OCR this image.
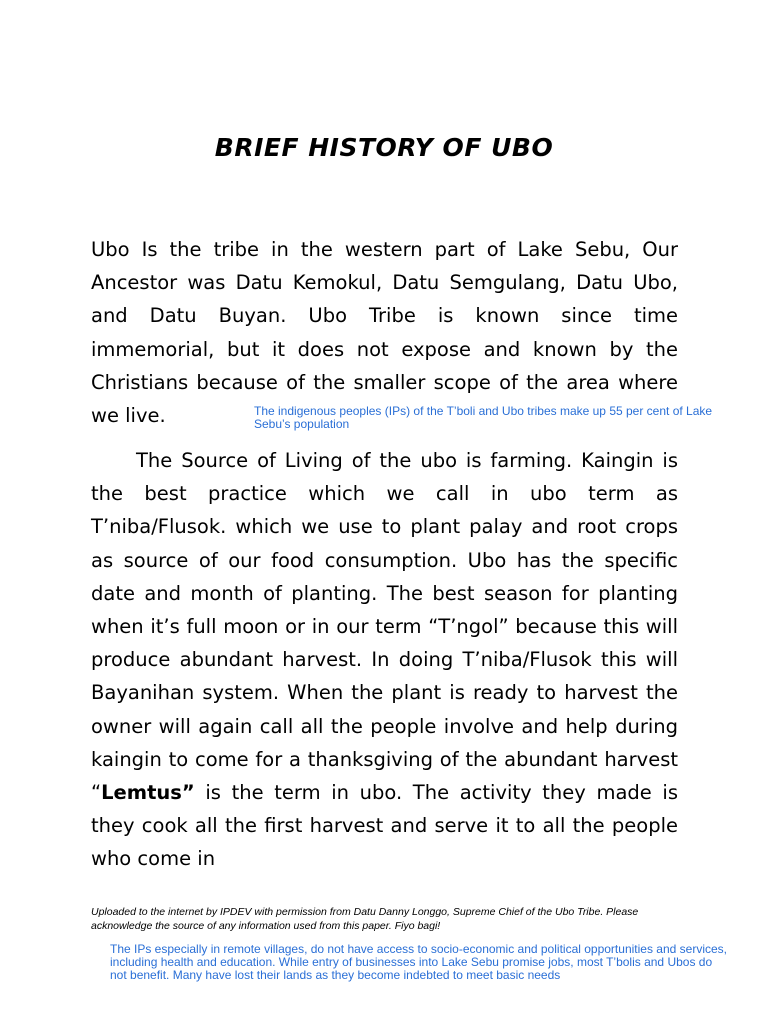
BRIEF HISTORY OF UBO

Ubo Is the tribe in the western part of Lake Sebu, Our Ancestor was Datu Kemokul, Datu Semgulang, Datu Ubo, and Datu Buyan. Ubo Tribe is known since time immemorial, but it does not expose and known by the Christians because of the smaller scope of the area where we live.	The indigenous peoples (IPs) of the T’boli and Ubo tribes make up 55 per cent of Lake Sebu’s population

The Source of Living of the ubo is farming. Kaingin is the best practice which we call in ubo term as T’niba/Flusok. which we use to plant palay and root crops as source of our food consumption. Ubo has the specific date and month of planting. The best season for planting when it’s full moon or in our term “T’ngol” because this will produce abundant harvest. In doing T’niba/Flusok this will Bayanihan system. When the plant is ready to harvest the owner will again call all the people involve and help during kaingin to come for a thanksgiving of the abundant harvest “Lemtus” is the term in ubo. The activity they made is they cook all the first harvest and serve it to all the people who come in

Uploaded to the internet by IPDEV with permission from Datu Danny Longgo, Supreme Chief of the Ubo Tribe. Please acknowledge the source of any information used from this paper. Fiyo bagi!

The IPs especially in remote villages, do not have access to socio-economic and political opportunities and services, including health and education. While entry of businesses into Lake Sebu promise jobs, most T’bolis and Ubos do not benefit. Many have lost their lands as they become indebted to meet basic needs
